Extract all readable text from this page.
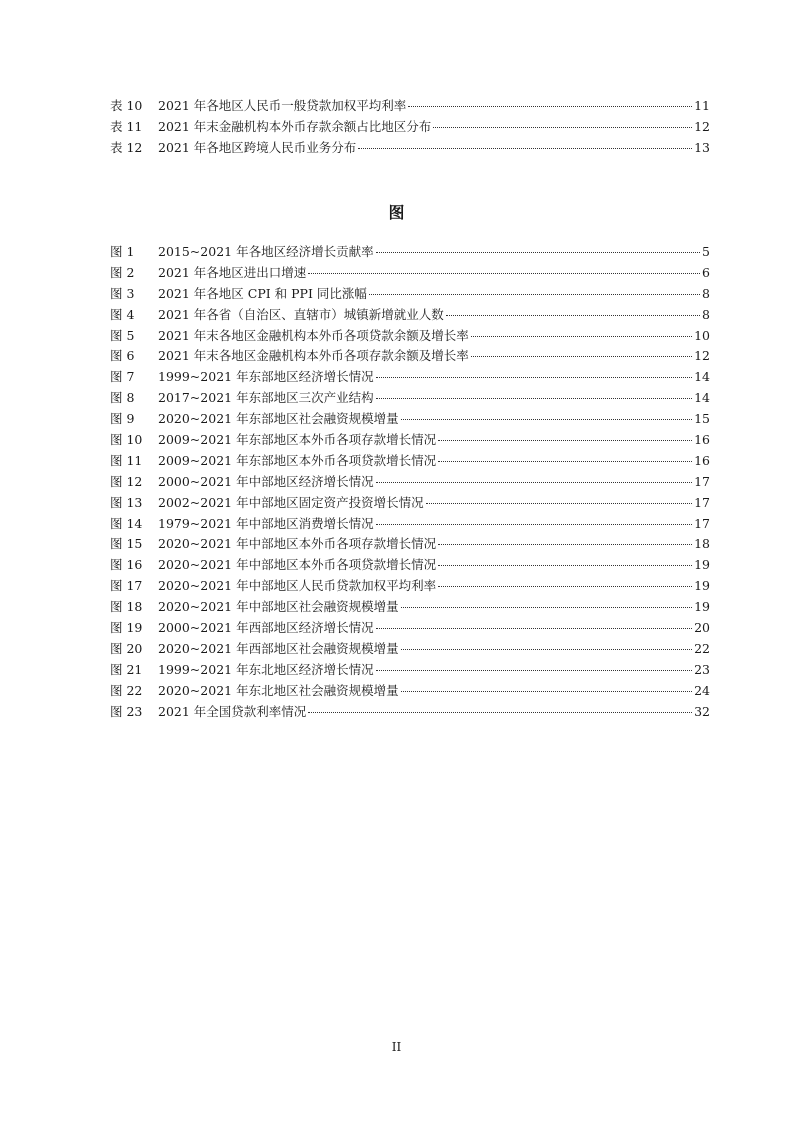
表 10	2021 年各地区人民币一般贷款加权平均利率	11
表 11	2021 年末金融机构本外币存款余额占比地区分布	12
表 12	2021 年各地区跨境人民币业务分布	13
图
图 1	2015~2021 年各地区经济增长贡献率	5
图 2	2021 年各地区进出口增速	6
图 3	2021 年各地区 CPI 和 PPI 同比涨幅	8
图 4	2021 年各省（自治区、直辖市）城镇新增就业人数	8
图 5	2021 年末各地区金融机构本外币各项贷款余额及增长率	10
图 6	2021 年末各地区金融机构本外币各项存款余额及增长率	12
图 7	1999~2021 年东部地区经济增长情况	14
图 8	2017~2021 年东部地区三次产业结构	14
图 9	2020~2021 年东部地区社会融资规模增量	15
图 10	2009~2021 年东部地区本外币各项存款增长情况	16
图 11	2009~2021 年东部地区本外币各项贷款增长情况	16
图 12	2000~2021 年中部地区经济增长情况	17
图 13	2002~2021 年中部地区固定资产投资增长情况	17
图 14	1979~2021 年中部地区消费增长情况	17
图 15	2020~2021 年中部地区本外币各项存款增长情况	18
图 16	2020~2021 年中部地区本外币各项贷款增长情况	19
图 17	2020~2021 年中部地区人民币贷款加权平均利率	19
图 18	2020~2021 年中部地区社会融资规模增量	19
图 19	2000~2021 年西部地区经济增长情况	20
图 20	2020~2021 年西部地区社会融资规模增量	22
图 21	1999~2021 年东北地区经济增长情况	23
图 22	2020~2021 年东北地区社会融资规模增量	24
图 23	2021 年全国贷款利率情况	32
II
